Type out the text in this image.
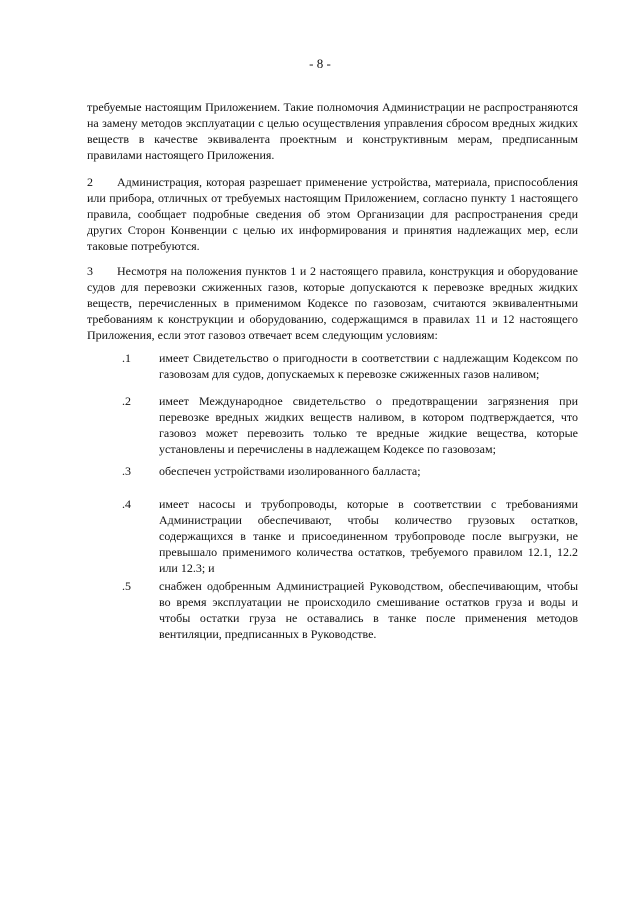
- 8 -
требуемые настоящим Приложением. Такие полномочия Администрации не распространяются на замену методов эксплуатации с целью осуществления управления сбросом вредных жидких веществ в качестве эквивалента проектным и конструктивным мерам, предписанным правилами настоящего Приложения.
2 Администрация, которая разрешает применение устройства, материала, приспособления или прибора, отличных от требуемых настоящим Приложением, согласно пункту 1 настоящего правила, сообщает подробные сведения об этом Организации для распространения среди других Сторон Конвенции с целью их информирования и принятия надлежащих мер, если таковые потребуются.
3 Несмотря на положения пунктов 1 и 2 настоящего правила, конструкция и оборудование судов для перевозки сжиженных газов, которые допускаются к перевозке вредных жидких веществ, перечисленных в применимом Кодексе по газовозам, считаются эквивалентными требованиям к конструкции и оборудованию, содержащимся в правилах 11 и 12 настоящего Приложения, если этот газовоз отвечает всем следующим условиям:
.1 имеет Свидетельство о пригодности в соответствии с надлежащим Кодексом по газовозам для судов, допускаемых к перевозке сжиженных газов наливом;
.2 имеет Международное свидетельство о предотвращении загрязнения при перевозке вредных жидких веществ наливом, в котором подтверждается, что газовоз может перевозить только те вредные жидкие вещества, которые установлены и перечислены в надлежащем Кодексе по газовозам;
.3 обеспечен устройствами изолированного балласта;
.4 имеет насосы и трубопроводы, которые в соответствии с требованиями Администрации обеспечивают, чтобы количество грузовых остатков, содержащихся в танке и присоединенном трубопроводе после выгрузки, не превышало применимого количества остатков, требуемого правилом 12.1, 12.2 или 12.3; и
.5 снабжен одобренным Администрацией Руководством, обеспечивающим, чтобы во время эксплуатации не происходило смешивание остатков груза и воды и чтобы остатки груза не оставались в танке после применения методов вентиляции, предписанных в Руководстве.
